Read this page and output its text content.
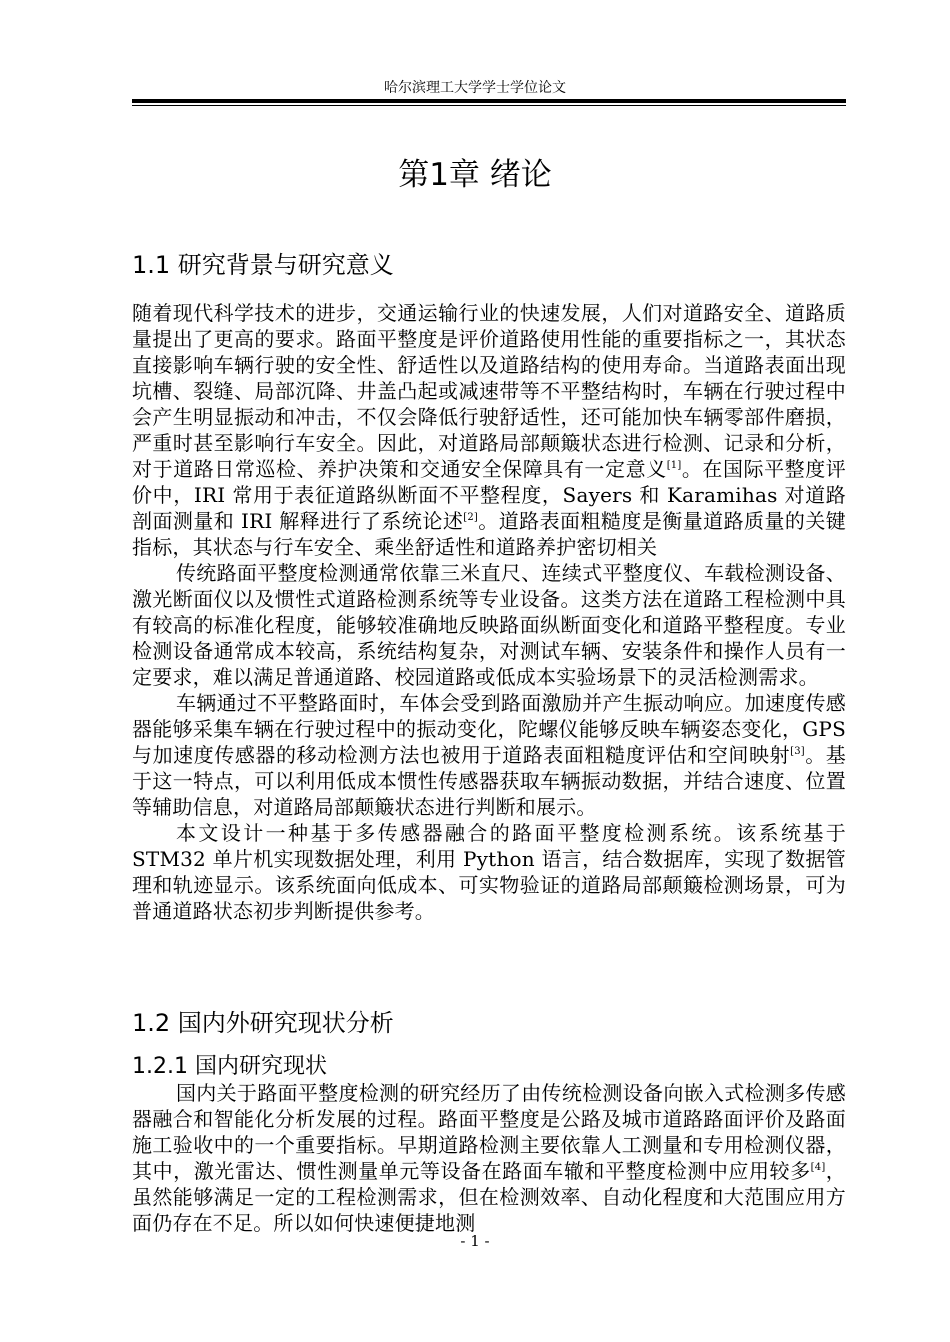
哈尔滨理工大学学士学位论文
第1章 绪论
1.1 研究背景与研究意义

随着现代科学技术的进步，交通运输行业的快速发展，人们对道路安全、道路质量提出了更高的要求。路面平整度是评价道路使用性能的重要指标之一，其状态直接影响车辆行驶的安全性、舒适性以及道路结构的使用寿命。当道路表面出现坑槽、裂缝、局部沉降、井盖凸起或减速带等不平整结构时，车辆在行驶过程中会产生明显振动和冲击，不仅会降低行驶舒适性，还可能加快车辆零部件磨损，严重时甚至影响行车安全。因此，对道路局部颠簸状态进行检测、记录和分析，对于道路日常巡检、养护决策和交通安全保障具有一定意义[1]。在国际平整度评价中，IRI 常用于表征道路纵断面不平整程度，Sayers 和 Karamihas 对道路剖面测量和 IRI 解释进行了系统论述[2]。道路表面粗糙度是衡量道路质量的关键指标，其状态与行车安全、乘坐舒适性和道路养护密切相关

传统路面平整度检测通常依靠三米直尺、连续式平整度仪、车载检测设备、激光断面仪以及惯性式道路检测系统等专业设备。这类方法在道路工程检测中具有较高的标准化程度，能够较准确地反映路面纵断面变化和道路平整程度。专业检测设备通常成本较高，系统结构复杂，对测试车辆、安装条件和操作人员有一定要求，难以满足普通道路、校园道路或低成本实验场景下的灵活检测需求。

车辆通过不平整路面时，车体会受到路面激励并产生振动响应。加速度传感器能够采集车辆在行驶过程中的振动变化，陀螺仪能够反映车辆姿态变化，GPS 与加速度传感器的移动检测方法也被用于道路表面粗糙度评估和空间映射[3]。基于这一特点，可以利用低成本惯性传感器获取车辆振动数据，并结合速度、位置等辅助信息，对道路局部颠簸状态进行判断和展示。

本文设计一种基于多传感器融合的路面平整度检测系统。该系统基于STM32 单片机实现数据处理，利用 Python 语言，结合数据库，实现了数据管理和轨迹显示。该系统面向低成本、可实物验证的道路局部颠簸检测场景，可为普通道路状态初步判断提供参考。

1.2 国内外研究现状分析
1.2.1 国内研究现状

国内关于路面平整度检测的研究经历了由传统检测设备向嵌入式检测多传感器融合和智能化分析发展的过程。路面平整度是公路及城市道路路面评价及路面施工验收中的一个重要指标。早期道路检测主要依靠人工测量和专用检测仪器，其中，激光雷达、惯性测量单元等设备在路面车辙和平整度检测中应用较多[4]，虽然能够满足一定的工程检测需求，但在检测效率、自动化程度和大范围应用方面仍存在不足。所以如何快速便捷地测

- 1 -
